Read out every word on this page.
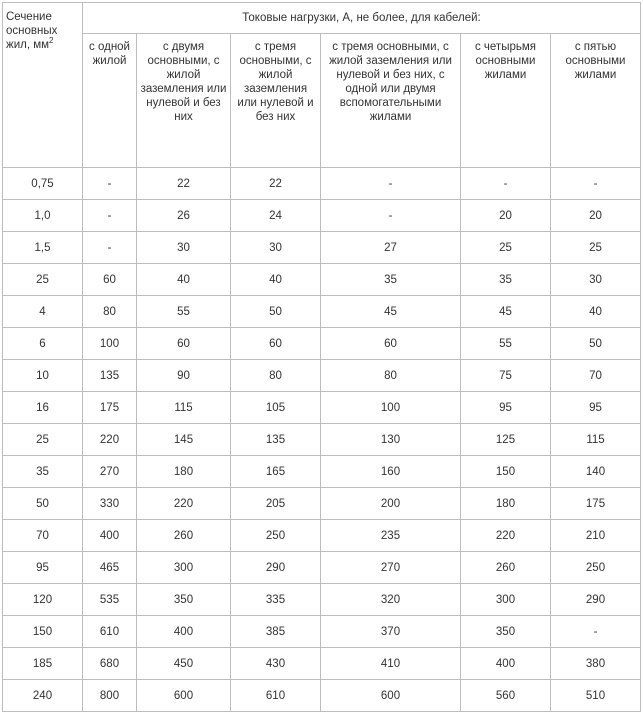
Сечение основных жил, $мм^2$	Токовые нагрузки, А, не более, для кабелей:					
	с одной жилой	с двумя основными, с жилой заземления или нулевой и без них	с тремя основными, с жилой заземления или нулевой и без них	с тремя основными, с жилой заземления или нулевой и без них, с одной или двумя вспомогательными жилами	с четырьмя основными жилами	с пятью основными жилами
0,75	-	22	22	-	-	-
1,0	-	26	24	-	20	20
1,5	-	30	30	27	25	25
25	60	40	40	35	35	30
4	80	55	50	45	45	40
6	100	60	60	60	55	50
10	135	90	80	80	75	70
16	175	115	105	100	95	95
25	220	145	135	130	125	115
35	270	180	165	160	150	140
50	330	220	205	200	180	175
70	400	260	250	235	220	210
95	465	300	290	270	260	250
120	535	350	335	320	300	290
150	610	400	385	370	350	-
185	680	450	430	410	400	380
240	800	600	610	600	560	510
